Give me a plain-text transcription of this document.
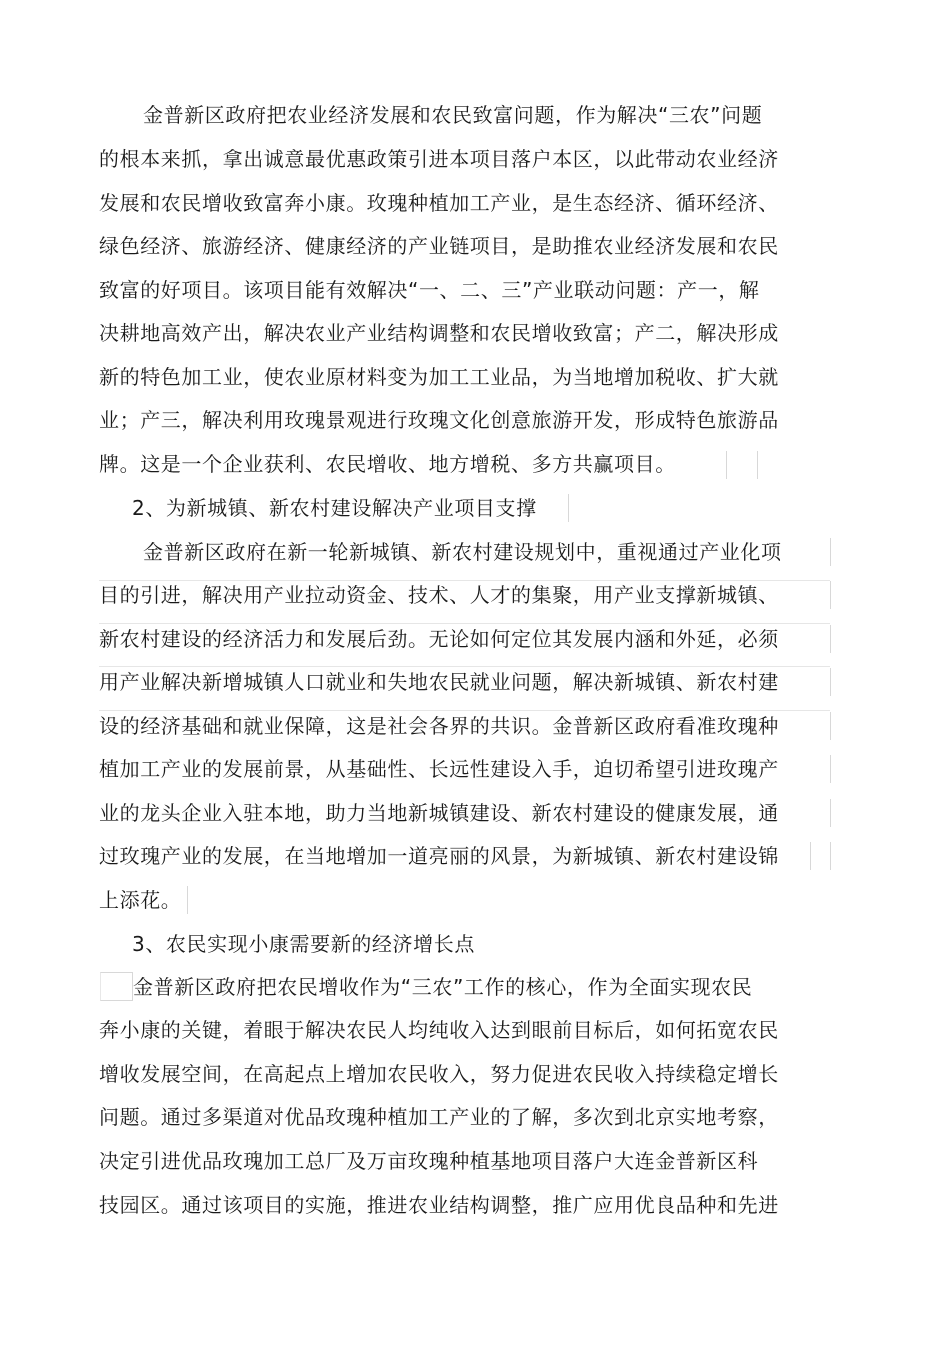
金普新区政府把农业经济发展和农民致富问题，作为解决“三农”问题
的根本来抓，拿出诚意最优惠政策引进本项目落户本区，以此带动农业经济
发展和农民增收致富奔小康。玫瑰种植加工产业，是生态经济、循环经济、
绿色经济、旅游经济、健康经济的产业链项目，是助推农业经济发展和农民
致富的好项目。该项目能有效解决“一、二、三”产业联动问题：产一，解
决耕地高效产出，解决农业产业结构调整和农民增收致富；产二，解决形成
新的特色加工业，使农业原材料变为加工工业品，为当地增加税收、扩大就
业；产三，解决利用玫瑰景观进行玫瑰文化创意旅游开发，形成特色旅游品
牌。这是一个企业获利、农民增收、地方增税、多方共赢项目。
2、为新城镇、新农村建设解决产业项目支撑
金普新区政府在新一轮新城镇、新农村建设规划中，重视通过产业化项
目的引进，解决用产业拉动资金、技术、人才的集聚，用产业支撑新城镇、
新农村建设的经济活力和发展后劲。无论如何定位其发展内涵和外延，必须
用产业解决新增城镇人口就业和失地农民就业问题，解决新城镇、新农村建
设的经济基础和就业保障，这是社会各界的共识。金普新区政府看准玫瑰种
植加工产业的发展前景，从基础性、长远性建设入手，迫切希望引进玫瑰产
业的龙头企业入驻本地，助力当地新城镇建设、新农村建设的健康发展，通
过玫瑰产业的发展，在当地增加一道亮丽的风景，为新城镇、新农村建设锦
上添花。
3、农民实现小康需要新的经济增长点
金普新区政府把农民增收作为“三农”工作的核心，作为全面实现农民
奔小康的关键，着眼于解决农民人均纯收入达到眼前目标后，如何拓宽农民
增收发展空间，在高起点上增加农民收入，努力促进农民收入持续稳定增长
问题。通过多渠道对优品玫瑰种植加工产业的了解，多次到北京实地考察，
决定引进优品玫瑰加工总厂及万亩玫瑰种植基地项目落户大连金普新区科
技园区。通过该项目的实施，推进农业结构调整，推广应用优良品种和先进
